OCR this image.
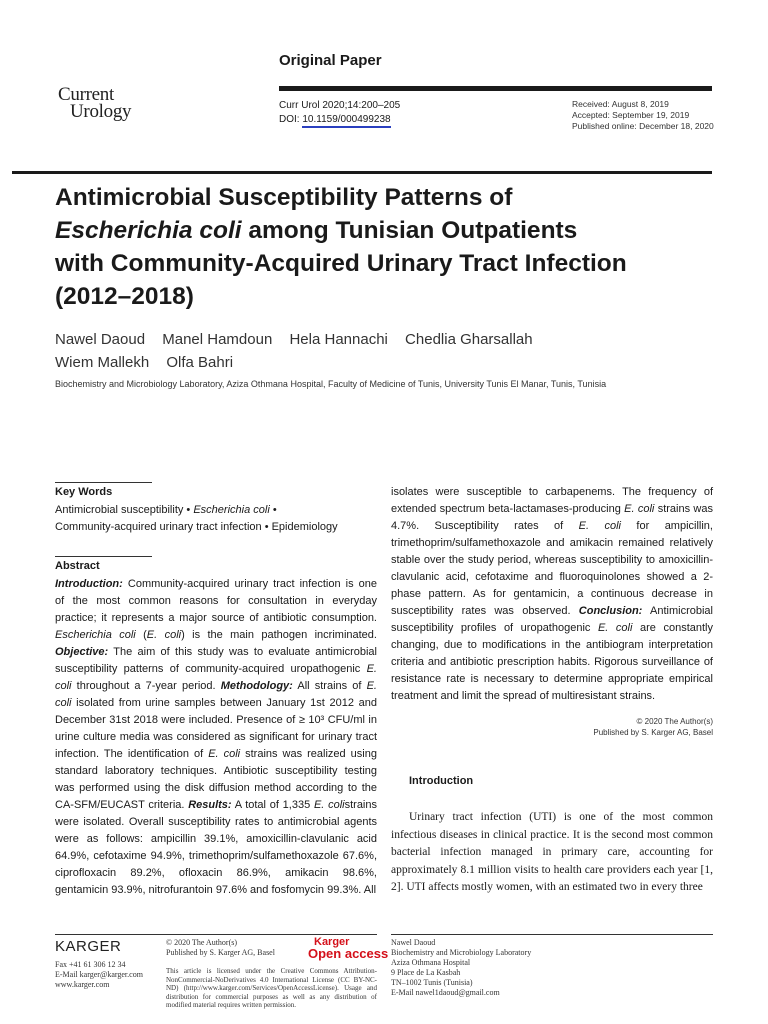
Current
Urology
Original Paper
Curr Urol 2020;14:200–205
DOI: 10.1159/000499238
Received: August 8, 2019
Accepted: September 19, 2019
Published online: December 18, 2020
Antimicrobial Susceptibility Patterns of
Escherichia coli among Tunisian Outpatients
with Community-Acquired Urinary Tract Infection
(2012–2018)
Nawel Daoud Manel Hamdoun Hela Hannachi Chedlia Gharsallah
Wiem Mallekh Olfa Bahri
Biochemistry and Microbiology Laboratory, Aziza Othmana Hospital, Faculty of Medicine of Tunis, University Tunis El Manar, Tunis, Tunisia
Key Words
Antimicrobial susceptibility • Escherichia coli •
Community-acquired urinary tract infection • Epidemiology
Abstract
Introduction: Community-acquired urinary tract infection is one of the most common reasons for consultation in everyday practice; it represents a major source of antibiotic consumption. Escherichia coli (E. coli) is the main pathogen incriminated. Objective: The aim of this study was to evaluate antimicrobial susceptibility patterns of community-acquired uropathogenic E. coli throughout a 7-year period. Methodology: All strains of E. coli isolated from urine samples between January 1st 2012 and December 31st 2018 were included. Presence of ≥ 10³ CFU/ml in urine culture media was considered as significant for urinary tract infection. The identification of E. coli strains was realized using standard laboratory techniques. Antibiotic susceptibility testing was performed using the disk diffusion method according to the CA-SFM/EUCAST criteria. Results: A total of 1,335 E. colistrains were isolated. Overall susceptibility rates to antimicrobial agents were as follows: ampicillin 39.1%, amoxicillin-clavulanic acid 64.9%, cefotaxime 94.9%, trimethoprim/sulfamethoxazole 67.6%, ciprofloxacin 89.2%, ofloxacin 86.9%, amikacin 98.6%, gentamicin 93.9%, nitrofurantoin 97.6% and fosfomycin 99.3%. All
isolates were susceptible to carbapenems. The frequency of extended spectrum beta-lactamases-producing E. coli strains was 4.7%. Susceptibility rates of E. coli for ampicillin, trimethoprim/sulfamethoxazole and amikacin remained relatively stable over the study period, whereas susceptibility to amoxicillin-clavulanic acid, cefotaxime and fluoroquinolones showed a 2-phase pattern. As for gentamicin, a continuous decrease in susceptibility rates was observed. Conclusion: Antimicrobial susceptibility profiles of uropathogenic E. coli are constantly changing, due to modifications in the antibiogram interpretation criteria and antibiotic prescription habits. Rigorous surveillance of resistance rate is necessary to determine appropriate empirical treatment and limit the spread of multiresistant strains.
© 2020 The Author(s)
Published by S. Karger AG, Basel
Introduction
Urinary tract infection (UTI) is one of the most common infectious diseases in clinical practice. It is the second most common bacterial infection managed in primary care, accounting for approximately 8.1 million visits to health care providers each year [1, 2]. UTI affects mostly women, with an estimated two in every three
KARGER
Fax +41 61 306 12 34
E-Mail karger@karger.com
www.karger.com
© 2020 The Author(s)
Published by S. Karger AG, Basel
Karger
Open access
This article is licensed under the Creative Commons Attribution-NonCommercial-NoDerivatives 4.0 International License (CC BY-NC-ND) (http://www.karger.com/Services/OpenAccessLicense). Usage and distribution for commercial purposes as well as any distribution of modified material requires written permission.
Nawel Daoud
Biochemistry and Microbiology Laboratory
Aziza Othmana Hospital
9 Place de La Kasbah
TN–1002 Tunis (Tunisia)
E-Mail nawel1daoud@gmail.com
